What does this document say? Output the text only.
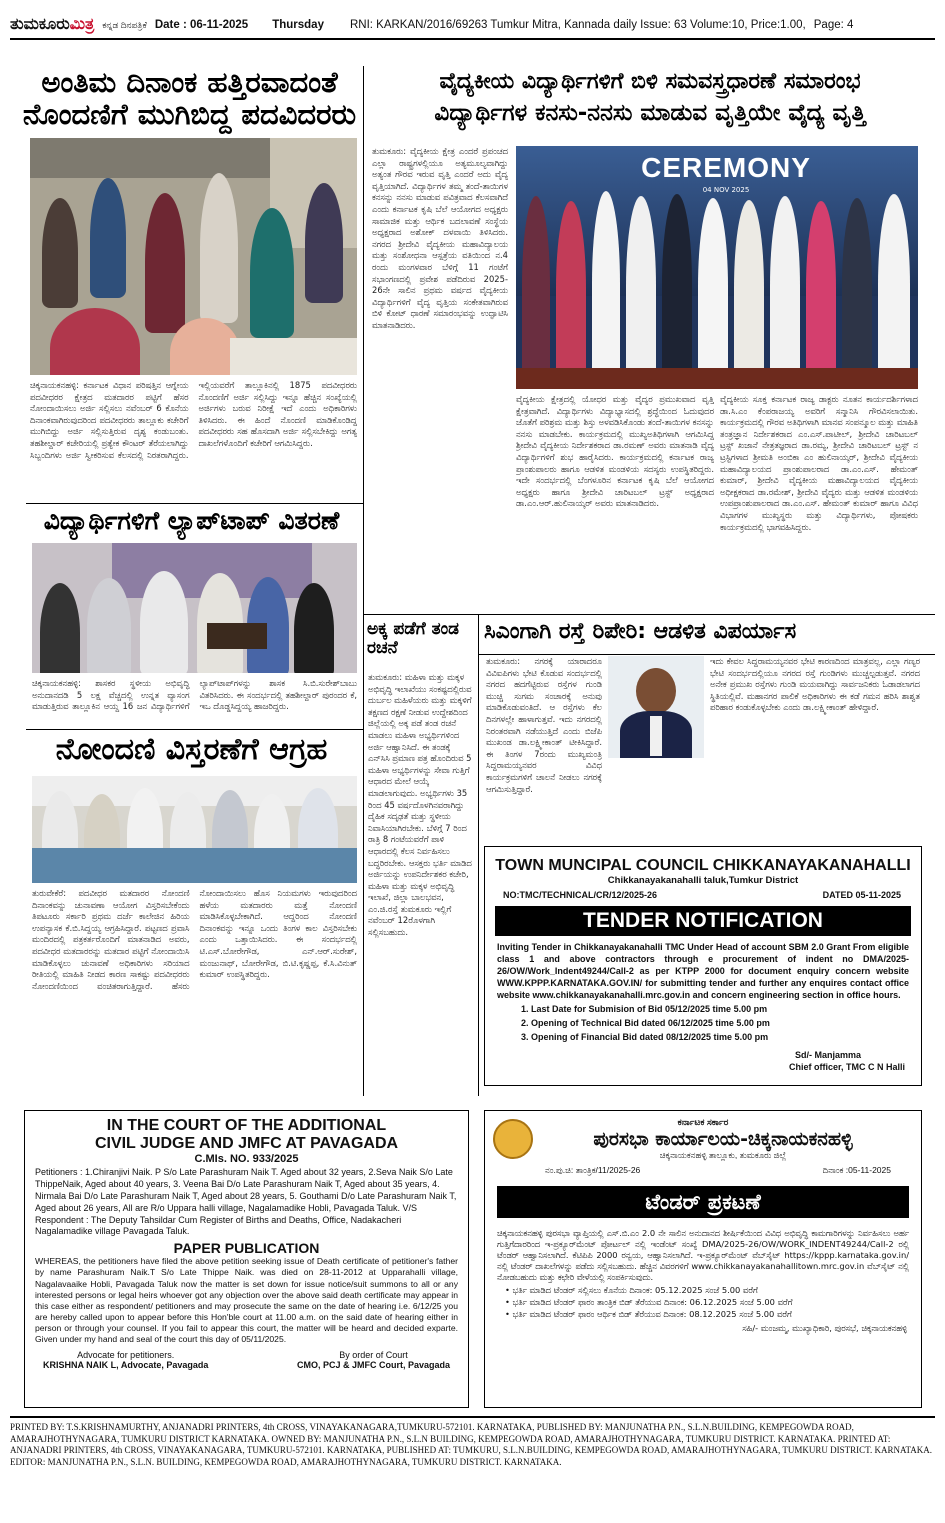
ತುಮಕೂರುಮಿತ್ರ ಕನ್ನಡ ದಿನಪತ್ರಿಕೆ Date : 06-11-2025 Thursday RNI: KARKAN/2016/69263 Tumkur Mitra, Kannada daily Issue: 63 Volume:10, Price:1.00, Page: 4
ಅಂತಿಮ ದಿನಾಂಕ ಹತ್ತಿರವಾದಂತೆ ನೊಂದಣಿಗೆ ಮುಗಿಬಿದ್ದ ಪದವಿದರರು
ಚಿಕ್ಕನಾಯಕನಹಳ್ಳಿ: ಕರ್ನಾಟಕ ವಿಧಾನ ಪರಿಷತ್ತಿನ ಆಗ್ನೇಯ ಪದವೀಧರರ ಕ್ಷೇತ್ರದ ಮತದಾರರ ಪಟ್ಟಿಗೆ ಹೆಸರ ನೋಂದಾಯಿಸಲು ಅರ್ಜಿ ಸಲ್ಲಿಸಲು ನವೆಂಬರ್ 6 ಕೊನೆಯ ದಿನಾಂಕವಾಗಿರುವುದರಿಂದ ಪದವೀಧರರು ತಾಲ್ಲೂಕು ಕಚೇರಿಗೆ ಮುಗಿಬಿದ್ದು ಅರ್ಜಿ ಸಲ್ಲಿಸುತ್ತಿರುವ ದೃಶ್ಯ ಕಂಡುಬಂತು. ತಹಶೀಲ್ದಾರ್ ಕಚೇರಿಯಲ್ಲಿ ಪ್ರತ್ಯೇಕ ಕೌಂಟರ್ ತೆರೆಯಲಾಗಿದ್ದು ಸಿಬ್ಬಂದಿಗಳು ಅರ್ಜಿ ಸ್ವೀಕರಿಸುವ ಕೆಲಸದಲ್ಲಿ ನಿರತರಾಗಿದ್ದರು. ಇಲ್ಲಿಯವರೆಗೆ ತಾಲ್ಲೂಕಿನಲ್ಲಿ 1875 ಪದವೀಧರರು ನೊಂದಣಿಗೆ ಅರ್ಜಿ ಸಲ್ಲಿಸಿದ್ದು ಇನ್ನೂ ಹೆಚ್ಚಿನ ಸಂಖ್ಯೆಯಲ್ಲಿ ಅರ್ಜಿಗಳು ಬರುವ ನಿರೀಕ್ಷೆ ಇದೆ ಎಂದು ಅಧಿಕಾರಿಗಳು ತಿಳಿಸಿದರು. ಈ ಹಿಂದೆ ನೊಂದಣಿ ಮಾಡಿಕೊಂಡಿದ್ದ ಪದವೀಧರರು ಸಹ ಹೊಸದಾಗಿ ಅರ್ಜಿ ಸಲ್ಲಿಸಬೇಕಿದ್ದು ಅಗತ್ಯ ದಾಖಲೆಗಳೊಂದಿಗೆ ಕಚೇರಿಗೆ ಆಗಮಿಸಿದ್ದರು.
ವಿದ್ಯಾರ್ಥಿಗಳಿಗೆ ಲ್ಯಾಪ್‌ಟಾಪ್ ವಿತರಣೆ
ಚಿಕ್ಕನಾಯಕನಹಳ್ಳಿ: ಶಾಸಕರ ಸ್ಥಳೀಯ ಅಭಿವೃದ್ಧಿ ಅನುದಾನದಡಿ 5 ಲಕ್ಷ ವೆಚ್ಚದಲ್ಲಿ ಉನ್ನತ ವ್ಯಾಸಂಗ ಮಾಡುತ್ತಿರುವ ತಾಲ್ಲೂಕಿನ ಆಯ್ದ 16 ಜನ ವಿದ್ಯಾರ್ಥಿಗಳಿಗೆ ಲ್ಯಾಪ್‌ಟಾಪ್‌ಗಳನ್ನು ಶಾಸಕ ಸಿ.ಬಿ.ಸುರೇಶ್‌ಬಾಬು ವಿತರಿಸಿದರು. ಈ ಸಂದರ್ಭದಲ್ಲಿ ತಹಶೀಲ್ದಾರ್ ಪುರಂದರ ಕೆ, ಇಒ ದೊಡ್ಡಸಿದ್ದಯ್ಯ ಹಾಜರಿದ್ದರು.
ನೋಂದಣಿ ವಿಸ್ತರಣೆಗೆ ಆಗ್ರಹ
ತುರುವೇಕೆರೆ: ಪದವೀಧರ ಮತದಾರರ ನೋಂದಣಿ ದಿನಾಂಕವನ್ನು ಚುನಾವಣಾ ಆಯೋಗ ವಿಸ್ತರಿಸಬೇಕೆಂದು ತಿಪಟೂರು ಸರ್ಕಾರಿ ಪ್ರಥಮ ದರ್ಜೆ ಕಾಲೇಜಿನ ಹಿರಿಯ ಉಪನ್ಯಾಸಕ ಕೆ.ಬಿ.ಸಿದ್ದಯ್ಯ ಆಗ್ರಹಿಸಿದ್ದಾರೆ. ಪಟ್ಟಣದ ಪ್ರವಾಸಿ ಮಂದಿರದಲ್ಲಿ ಪತ್ರಕರ್ತರೊಂದಿಗೆ ಮಾತನಾಡಿದ ಅವರು, ಪದವೀಧರ ಮತದಾರರನ್ನು ಮತದಾರ ಪಟ್ಟಿಗೆ ನೋಂದಾಯಿಸಿ ಮಾಡಿಕೊಳ್ಳಲು ಚುನಾವಣೆ ಅಧಿಕಾರಿಗಳು ಸರಿಯಾದ ರೀತಿಯಲ್ಲಿ ಮಾಹಿತಿ ನೀಡದ ಕಾರಣ ಸಾಕಷ್ಟು ಪದವೀಧರರು ನೋಂದಣಿಯಿಂದ ವಂಚಿತರಾಗುತ್ತಿದ್ದಾರೆ. ಹೆಸರು ನೋಂದಾಯಿಸಲು ಹೊಸ ನಿಯಮಗಳು ಇರುವುದರಿಂದ ಹಳೆಯ ಮತದಾರರು ಮತ್ತೆ ನೋಂದಣಿ ಮಾಡಿಸಿಕೊಳ್ಳಬೇಕಾಗಿದೆ. ಆದ್ದರಿಂದ ನೋಂದಣಿ ದಿನಾಂಕವನ್ನು ಇನ್ನೂ ಒಂದು ತಿಂಗಳ ಕಾಲ ವಿಸ್ತರಿಸಬೇಕು ಎಂದು ಒತ್ತಾಯಿಸಿದರು. ಈ ಸಂದರ್ಭದಲ್ಲಿ ಟಿ.ಎಸ್.ಬೋರೇಗೌಡ, ಎನ್.ಆರ್.ಸುರೇಶ್, ಮಂಜುನಾಥ್, ಬೋರೇಗೌಡ, ಬಿ.ಟಿ.ಕೃಷ್ಣಪ್ಪ, ಕೆ.ಸಿ.ವಿನುತ್ ಕುಮಾರ್ ಉಪಸ್ಥಿತರಿದ್ದರು.
ವೈದ್ಯಕೀಯ ವಿದ್ಯಾರ್ಥಿಗಳಿಗೆ ಬಿಳಿ ಸಮವಸ್ತ್ರಧಾರಣೆ ಸಮಾರಂಭ
ವಿದ್ಯಾರ್ಥಿಗಳ ಕನಸು-ನನಸು ಮಾಡುವ ವೃತ್ತಿಯೇ ವೈದ್ಯ ವೃತ್ತಿ
ತುಮಕೂರು: ವೈದ್ಯಕೀಯ ಕ್ಷೇತ್ರ ಎಂದರೆ ಪ್ರಪಂಚದ ಎಲ್ಲಾ ರಾಷ್ಟ್ರಗಳಲ್ಲಿಯೂ ಅತ್ಯಮೂಲ್ಯವಾಗಿದ್ದು ಅತ್ಯಂತ ಗೌರವ ಇರುವ ವೃತ್ತಿ ಎಂದರೆ ಅದು ವೈದ್ಯ ವೃತ್ತಿಯಾಗಿದೆ. ವಿದ್ಯಾರ್ಥಿಗಳ ತಮ್ಮ ತಂದೆ-ತಾಯಿಗಳ ಕನಸನ್ನು ನನಸು ಮಾಡುವ ಪವಿತ್ರವಾದ ಕೆಲಸವಾಗಿದೆ ಎಂದು ಕರ್ನಾಟಕ ಕೃಷಿ ಬೆಲೆ ಆಯೋಗದ ಅಧ್ಯಕ್ಷರು ಸಾಮಾಜಿಕ ಮತ್ತು ಆರ್ಥಿಕ ಬದಲಾವಣೆ ಸಂಸ್ಥೆಯ ಅಧ್ಯಕ್ಷರಾದ ಅಶೋಕ್ ದಳವಾಯಿ ತಿಳಿಸಿದರು. ನಗರದ ಶ್ರೀದೇವಿ ವೈದ್ಯಕೀಯ ಮಹಾವಿದ್ಯಾಲಯ ಮತ್ತು ಸಂಶೋಧನಾ ಆಸ್ಪತ್ರೆಯ ವತಿಯಿಂದ ನ.4 ರಂದು ಮಂಗಳವಾರ ಬೆಳಿಗ್ಗೆ 11 ಗಂಟೆಗೆ ಸಭಾಂಗಣದಲ್ಲಿ ಪ್ರವೇಶ ಪಡೆದಿರುವ 2025-26ನೇ ಸಾಲಿನ ಪ್ರಥಮ ವರ್ಷದ ವೈದ್ಯಕೀಯ ವಿದ್ಯಾರ್ಥಿಗಳಿಗೆ ವೈದ್ಯ ವೃತ್ತಿಯ ಸಂಕೇತವಾಗಿರುವ ಬಿಳಿ ಕೋಟ್ ಧಾರಣೆ ಸಮಾರಂಭವನ್ನು ಉದ್ಘಾಟಿಸಿ ಮಾತನಾಡಿದರು.
CEREMONY
04 NOV 2025
ವೈದ್ಯಕೀಯ ಕ್ಷೇತ್ರದಲ್ಲಿ ಯೋಧರ ಮತ್ತು ವೈದ್ಯರ ಪ್ರಮುಖವಾದ ವೃತ್ತಿ ಕ್ಷೇತ್ರವಾಗಿದೆ. ವಿದ್ಯಾರ್ಥಿಗಳು ವಿದ್ಯಾಭ್ಯಾಸದಲ್ಲಿ ಶ್ರದ್ಧೆಯಿಂದ ಓದುವುದರ ಜೊತೆಗೆ ಪರಿಶ್ರಮ ಮತ್ತು ಶಿಸ್ತು ಅಳವಡಿಸಿಕೊಂಡು ತಂದೆ-ತಾಯಿಗಳ ಕನಸನ್ನು ನನಸು ಮಾಡಬೇಕು. ಕಾರ್ಯಕ್ರಮದಲ್ಲಿ ಮುಖ್ಯಅತಿಥಿಗಳಾಗಿ ಆಗಮಿಸಿದ್ದ ಶ್ರೀದೇವಿ ವೈದ್ಯಕೀಯ ನಿರ್ದೇಶಕರಾದ ಡಾ.ರಮಣ್ ಅವರು ಮಾತನಾಡಿ ವೈದ್ಯ ವಿದ್ಯಾರ್ಥಿಗಳಿಗೆ ಶುಭ ಹಾರೈಸಿದರು. ಕಾರ್ಯಕ್ರಮದಲ್ಲಿ ಕರ್ನಾಟಕ ರಾಜ್ಯ ಪ್ರಾಂಶುಪಾಲರು ಹಾಗೂ ಆಡಳಿತ ಮಂಡಳಿಯ ಸದಸ್ಯರು ಉಪಸ್ಥಿತರಿದ್ದರು. ಇದೇ ಸಂದರ್ಭದಲ್ಲಿ ಬೆಂಗಳೂರಿನ ಕರ್ನಾಟಕ ಕೃಷಿ ಬೆಲೆ ಆಯೋಗದ ಅಧ್ಯಕ್ಷರು ಹಾಗೂ ಶ್ರೀದೇವಿ ಚಾರಿಟಬಲ್ ಟ್ರಸ್ಟ್ ಅಧ್ಯಕ್ಷರಾದ ಡಾ.ಎಂ.ಆರ್.ಹುಲಿನಾಯ್ಕರ್ ಅವರು ಮಾತನಾಡಿದರು.
ವೈದ್ಯಕೀಯ ಸೂಕ್ತ ಕರ್ನಾಟಕ ರಾಜ್ಯ ಡಾಕ್ಟರು ನೂತನ ಕಾರ್ಯದರ್ಶಿಗಳಾದ ಡಾ.ಸಿ.ಎಂ ಕೆಂಪರಾಜಯ್ಯ ಅವರಿಗೆ ಸನ್ಮಾನಿಸಿ ಗೌರವಿಸಲಾಯಿತು. ಕಾರ್ಯಕ್ರಮದಲ್ಲಿ ಗೌರವ ಅತಿಥಿಗಳಾಗಿ ಮಾನವ ಸಂಪನ್ಮೂಲ ಮತ್ತು ಮಾಹಿತಿ ತಂತ್ರಜ್ಞಾನ ನಿರ್ದೇಶಕರಾದ ಎಂ.ಎಸ್.ಪಾಟೀಲ್, ಶ್ರೀದೇವಿ ಚಾರಿಟಬಲ್ ಟ್ರಸ್ಟ್ ಖಜಾನೆ ನೇತ್ರತಜ್ಞರಾದ ಡಾ.ರಮ್ಯ, ಶ್ರೀದೇವಿ ಚಾರಿಟಬಲ್ ಟ್ರಸ್ಟ್ ನ ಟ್ರಸ್ಟಿಗಳಾದ ಶ್ರೀಮತಿ ಅಂಬಿಕಾ ಎಂ ಹುಲಿನಾಯ್ಕರ್, ಶ್ರೀದೇವಿ ವೈದ್ಯಕೀಯ ಮಹಾವಿದ್ಯಾಲಯದ ಪ್ರಾಂಶುಪಾಲರಾದ ಡಾ.ಎಂ.ಎಸ್. ಹೇಮಂತ್ ಕುಮಾರ್, ಶ್ರೀದೇವಿ ವೈದ್ಯಕೀಯ ಮಹಾವಿದ್ಯಾಲಯದ ವೈದ್ಯಕೀಯ ಅಧೀಕ್ಷಕರಾದ ಡಾ.ರಮೇಶ್, ಶ್ರೀದೇವಿ ವೈದ್ಯರು ಮತ್ತು ಆಡಳಿತ ಮಂಡಳಿಯ ಉಪಪ್ರಾಂಶುಪಾಲರಾದ ಡಾ.ಎಂ.ಎಸ್. ಹೇಮಂತ್ ಕುಮಾರ್ ಹಾಗೂ ವಿವಿಧ ವಿಭಾಗಗಳ ಮುಖ್ಯಸ್ಥರು ಮತ್ತು ವಿದ್ಯಾರ್ಥಿಗಳು, ಪೋಷಕರು ಕಾರ್ಯಕ್ರಮದಲ್ಲಿ ಭಾಗವಹಿಸಿದ್ದರು.
ಅಕ್ಕ ಪಡೆಗೆ ತಂಡ ರಚನೆ
ತುಮಕೂರು: ಮಹಿಳಾ ಮತ್ತು ಮಕ್ಕಳ ಅಭಿವೃದ್ಧಿ ಇಲಾಖೆಯು ಸಂಕಷ್ಟದಲ್ಲಿರುವ ದುರ್ಬಲ ಮಹಿಳೆಯರು ಮತ್ತು ಮಕ್ಕಳಿಗೆ ತಕ್ಷಣದ ರಕ್ಷಣೆ ನೀಡುವ ಉದ್ದೇಶದಿಂದ ಜಿಲ್ಲೆಯಲ್ಲಿ ಅಕ್ಕ ಪಡೆ ತಂಡ ರಚನೆ ಮಾಡಲು ಮಹಿಳಾ ಅಭ್ಯರ್ಥಿಗಳಿಂದ ಅರ್ಜಿ ಆಹ್ವಾನಿಸಿದೆ. ಈ ತಂಡಕ್ಕೆ ಎನ್‌ಸಿಸಿ ಪ್ರಮಾಣ ಪತ್ರ ಹೊಂದಿರುವ 5 ಮಹಿಳಾ ಅಭ್ಯರ್ಥಿಗಳನ್ನು ಸೇವಾ ಗುತ್ತಿಗೆ ಆಧಾರದ ಮೇಲೆ ಆಯ್ಕೆ ಮಾಡಲಾಗುವುದು. ಅಭ್ಯರ್ಥಿಗಳು 35 ರಿಂದ 45 ವರ್ಷದೊಳಗಿನವರಾಗಿದ್ದು ದೈಹಿಕ ಸದೃಢತೆ ಮತ್ತು ಸ್ಥಳೀಯ ನಿವಾಸಿಯಾಗಿರಬೇಕು. ಬೆಳಿಗ್ಗೆ 7 ರಿಂದ ರಾತ್ರಿ 8 ಗಂಟೆಯವರೆಗೆ ಪಾಳಿ ಆಧಾರದಲ್ಲಿ ಕೆಲಸ ನಿರ್ವಹಿಸಲು ಬದ್ಧರಿರಬೇಕು. ಆಸಕ್ತರು ಭರ್ತಿ ಮಾಡಿದ ಅರ್ಜಿಯನ್ನು ಉಪನಿರ್ದೇಶಕರ ಕಚೇರಿ, ಮಹಿಳಾ ಮತ್ತು ಮಕ್ಕಳ ಅಭಿವೃದ್ಧಿ ಇಲಾಖೆ, ಜಿಲ್ಲಾ ಬಾಲಭವನ, ಎಂ.ಜಿ.ರಸ್ತೆ ತುಮಕೂರು ಇಲ್ಲಿಗೆ ನವೆಂಬರ್ 12ರೊಳಗಾಗಿ ಸಲ್ಲಿಸಬಹುದು.
ಸಿಎಂಗಾಗಿ ರಸ್ತೆ ರಿಪೇರಿ: ಆಡಳಿತ ವಿಪರ್ಯಾಸ
ತುಮಕೂರು: ನಗರಕ್ಕೆ ಯಾರಾದರೂ ವಿವಿಐಪಿಗಳು ಭೇಟಿ ಕೊಡುವ ಸಂದರ್ಭದಲ್ಲಿ ನಗರದ ಹದಗೆಟ್ಟಿರುವ ರಸ್ತೆಗಳ ಗುಂಡಿ ಮುಚ್ಚಿ ಸುಗಮ ಸಂಚಾರಕ್ಕೆ ಅನುವು ಮಾಡಿಕೊಡುವಂತಿದೆ. ಆ ರಸ್ತೆಗಳು ಕೆಲ ದಿನಗಳಲ್ಲೇ ಹಾಳಾಗುತ್ತವೆ. ಇದು ನಗರದಲ್ಲಿ ನಿರಂತರವಾಗಿ ನಡೆಯುತ್ತಿದೆ ಎಂದು ಬಿಜೆಪಿ ಮುಖಂಡ ಡಾ.ಲಕ್ಷ್ಮೀಕಾಂತ್ ಟೀಕಿಸಿದ್ದಾರೆ. ಈ ತಿಂಗಳ 7ರಂದು ಮುಖ್ಯಮಂತ್ರಿ ಸಿದ್ದರಾಮಯ್ಯನವರ ವಿವಿಧ ಕಾರ್ಯಕ್ರಮಗಳಿಗೆ ಚಾಲನೆ ನೀಡಲು ನಗರಕ್ಕೆ ಆಗಮಿಸುತ್ತಿದ್ದಾರೆ.
ಇದು ಕೇವಲ ಸಿದ್ದರಾಮಯ್ಯನವರ ಭೇಟಿ ಕಾರಣದಿಂದ ಮಾತ್ರವಲ್ಲ, ಎಲ್ಲಾ ಗಣ್ಯರ ಭೇಟಿ ಸಂದರ್ಭದಲ್ಲಿಯೂ ನಗರದ ರಸ್ತೆ ಗುಂಡಿಗಳು ಮುಚ್ಚಲ್ಪಡುತ್ತವೆ. ನಗರದ ಅನೇಕ ಪ್ರಮುಖ ರಸ್ತೆಗಳು ಗುಂಡಿ ಮಯವಾಗಿದ್ದು ಸಾರ್ವಜನಿಕರು ಓಡಾಡಲಾಗದ ಸ್ಥಿತಿಯಲ್ಲಿವೆ. ಮಹಾನಗರ ಪಾಲಿಕೆ ಅಧಿಕಾರಿಗಳು ಈ ಕಡೆ ಗಮನ ಹರಿಸಿ ಶಾಶ್ವತ ಪರಿಹಾರ ಕಂಡುಕೊಳ್ಳಬೇಕು ಎಂದು ಡಾ.ಲಕ್ಷ್ಮೀಕಾಂತ್ ಹೇಳಿದ್ದಾರೆ.
TOWN MUNCIPAL COUNCIL CHIKKANAYAKANAHALLI
Chikkanayakanahalli taluk,Tumkur District
NO:TMC/TECHNICAL/CR/12/2025-26	DATED 05-11-2025
TENDER NOTIFICATION
Inviting Tender in Chikkanayakanahalli TMC Under Head of account SBM 2.0 Grant From eligible class 1 and above contractors through e procurement of indent no DMA/2025-26/OW/Work_Indent49244/Call-2 as per KTPP 2000 for document enquiry concern website WWW.KPPP.KARNATAKA.GOV.IN/ for submitting tender and further any enquires contact office website www.chikkanayakanahalli.mrc.gov.in and concern engineering section in office hours.
1. Last Date for Submision of Bid 05/12/2025 time 5.00 pm
2. Opening of Technical Bid dated 06/12/2025 time 5.00 pm
3. Opening of Financial Bid dated 08/12/2025 time 5.00 pm
Sd/- Manjamma
Chief officer, TMC C N Halli
IN THE COURT OF THE ADDITIONAL
CIVIL JUDGE AND JMFC AT PAVAGADA
C.MIs. NO. 933/2025
Petitioners : 1.Chiranjivi Naik. P S/o Late Parashuram Naik T. Aged about 32 years, 2.Seva Naik S/o Late ThippeNaik, Aged about 40 years, 3. Veena Bai D/o Late Parashuram Naik T, Aged about 35 years, 4. Nirmala Bai D/o Late Parashuram Naik T, Aged about 28 years, 5. Gouthami D/o Late Parashuram Naik T, Aged about 26 years, All are R/o Uppara halli village, Nagalamadike Hobli, Pavagada Taluk. V/S Respondent : The Deputy Tahsildar Cum Register of Births and Deaths, Office, Nadakacheri Nagalamadike village Pavagada Taluk.
PAPER PUBLICATION
WHEREAS, the petitioners have filed the above petition seeking issue of Death certificate of petitioner's father by name Parashuram Naik.T S/o Late Thippe Naik. was died on 28-11-2012 at Upparahalli village, Nagalavaaike Hobli, Pavagada Taluk now the matter is set down for issue notice/suit summons to all or any interested persons or legal heirs whoever got any objection over the above said death certificate may appear in this case either as respondent/ petitioners and may prosecute the same on the date of hearing i.e. 6/12/25 you are hereby called upon to appear before this Hon'ble court at 11.00 a.m. on the said date of hearing either in person or through your counsel. If you fail to appear this court, the matter will be heard and decided exparte. Given under my hand and seal of the court this day of 05/11/2025.
Advocate for petitioners.
KRISHNA NAIK L, Advocate, Pavagada
By order of Court
CMO, PCJ & JMFC Court, Pavagada
ಕರ್ನಾಟಕ ಸರ್ಕಾರ
ಪುರಸಭಾ ಕಾರ್ಯಾಲಯ-ಚಿಕ್ಕನಾಯಕನಹಳ್ಳಿ
ಚಿಕ್ಕನಾಯಕನಹಳ್ಳಿ ತಾಲ್ಲೂಕು, ತುಮಕೂರು ಜಿಲ್ಲೆ
ನಂ.ಪು.ಚಿ: ತಾಂತ್ರಿಕ/11/2025-26	ದಿನಾಂಕ :05-11-2025
ಟೆಂಡರ್ ಪ್ರಕಟಣೆ
ಚಿಕ್ಕನಾಯಕನಹಳ್ಳಿ ಪುರಸಭಾ ವ್ಯಾಪ್ತಿಯಲ್ಲಿ ಎಸ್.ಬಿ.ಎಂ 2.0 ನೇ ಸಾಲಿನ ಅನುದಾನದ ಶೀರ್ಷಿಕೆಯಿಂದ ವಿವಿಧ ಅಭಿವೃದ್ಧಿ ಕಾಮಗಾರಿಗಳನ್ನು ನಿರ್ವಹಿಸಲು ಅರ್ಹ ಗುತ್ತಿಗೆದಾರರಿಂದ ಇ-ಪ್ರಕ್ಯೂರ್‌ಮೆಂಟ್ ಪೋರ್ಟಲ್ ನಲ್ಲಿ ಇಂಡೆಂಟ್ ಸಂಖ್ಯೆ DMA/2025-26/OW/WORK_INDENT49244/Call-2 ರಲ್ಲಿ ಟೆಂಡರ್ ಆಹ್ವಾನಿಸಲಾಗಿದೆ. ಕೆಟಿಪಿಪಿ 2000 ರನ್ವಯ, ಆಹ್ವಾನಿಸಲಾಗಿದೆ. ಇ-ಪ್ರಕ್ಯೂರ್‌ಮೆಂಟ್ ವೆಬ್‌ಸೈಟ್ https://kppp.karnataka.gov.in/ ನಲ್ಲಿ ಟೆಂಡರ್ ದಾಖಲೆಗಳನ್ನು ಪಡೆದು ಸಲ್ಲಿಸಬಹುದು. ಹೆಚ್ಚಿನ ವಿವರಗಳಿಗೆ www.chikkanayakanahallitown.mrc.gov.in ವೆಬ್‌ಸೈಟ್ ನಲ್ಲಿ ನೋಡಬಹುದು ಮತ್ತು ಕಛೇರಿ ವೇಳೆಯಲ್ಲಿ ಸಂಪರ್ಕಿಸುವುದು.
• ಭರ್ತಿ ಮಾಡಿದ ಟೆಂಡರ್ ಸಲ್ಲಿಸಲು ಕೊನೆಯ ದಿನಾಂಕ: 05.12.2025 ಸಂಜೆ 5.00 ವರೆಗೆ
• ಭರ್ತಿ ಮಾಡಿದ ಟೆಂಡರ್ ಫಾರಂ ತಾಂತ್ರಿಕ ಬಿಡ್ ತೆರೆಯುವ ದಿನಾಂಕ: 06.12.2025 ಸಂಜೆ 5.00 ವರೆಗೆ
• ಭರ್ತಿ ಮಾಡಿದ ಟೆಂಡರ್ ಫಾರಂ ಆರ್ಥಿಕ ಬಿಡ್ ತೆರೆಯುವ ದಿನಾಂಕ: 08.12.2025 ಸಂಜೆ 5.00 ವರೆಗೆ
ಸಹಿ/- ಮಂಜಮ್ಮ, ಮುಖ್ಯಾಧಿಕಾರಿ, ಪುರಸಭೆ, ಚಿಕ್ಕನಾಯಕನಹಳ್ಳಿ
PRINTED BY: T.S.KRISHNAMURTHY, ANJANADRI PRINTERS, 4th CROSS, VINAYAKANAGARA,TUMKURU-572101. KARNATAKA, PUBLISHED BY: MANJUNATHA P.N., S.L.N.BUILDING, KEMPEGOWDA ROAD, AMARAJHOTHYNAGARA, TUMKURU DISTRICT KARNATAKA. OWNED BY: MANJUNATHA P.N., S.L.N BUILDING, KEMPEGOWDA ROAD, AMARAJHOTHYNAGARA, TUMKURU DISTRICT. KARNATAKA. PRINTED AT: ANJANADRI PRINTERS, 4th CROSS, VINAYAKANAGARA, TUMKURU-572101. KARNATAKA, PUBLISHED AT: TUMKURU, S.L.N.BUILDING, KEMPEGOWDA ROAD, AMARAJHOTHYNAGARA, TUMKURU DISTRICT. KARNATAKA. EDITOR: MANJUNATHA P.N., S.L.N. BUILDING, KEMPEGOWDA ROAD, AMARAJHOTHYNAGARA, TUMKURU DISTRICT. KARNATAKA.
